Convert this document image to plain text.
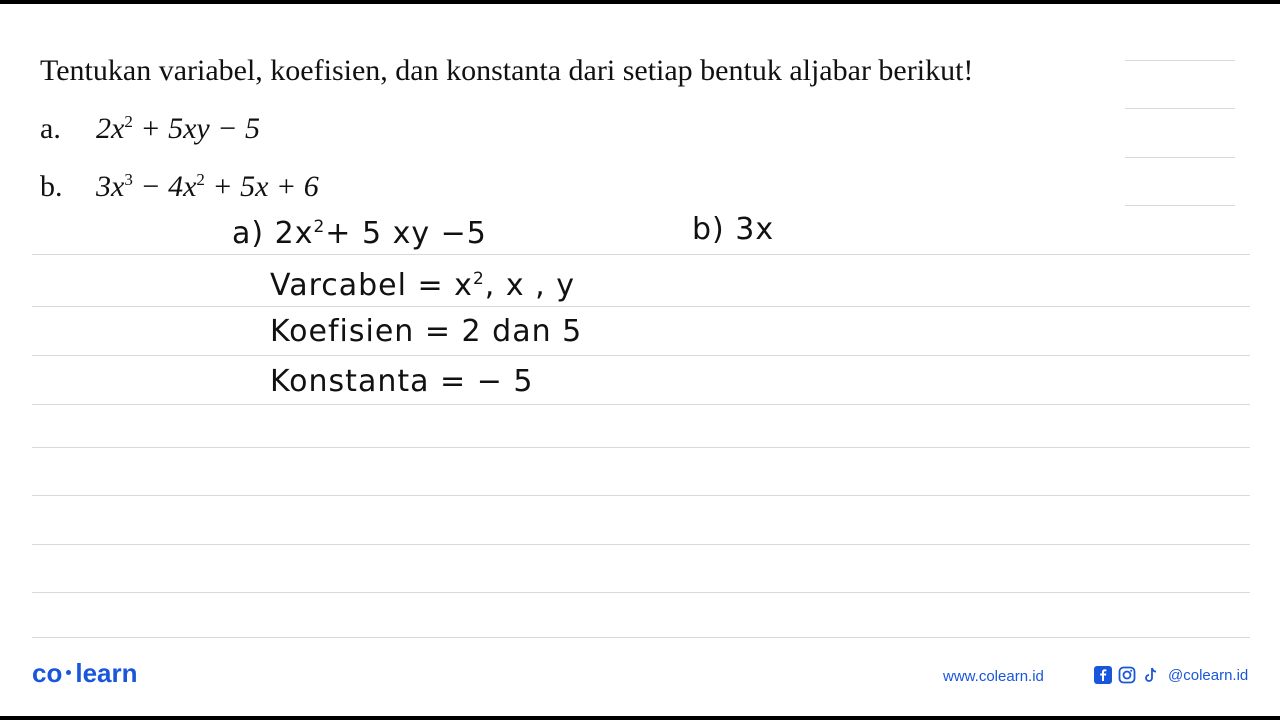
Tentukan variabel, koefisien, dan konstanta dari setiap bentuk aljabar berikut!
a. $2x^2 + 5xy - 5$
b. $3x^3 - 4x^2 + 5x + 6$
a) $2x^2+ 5$ xy −5	b) 3x
Varcabel = $x^2$, x , y
Koefisien = 2 dan 5
Konstanta = − 5
co learn	www.colearn.id	@colearn.id
